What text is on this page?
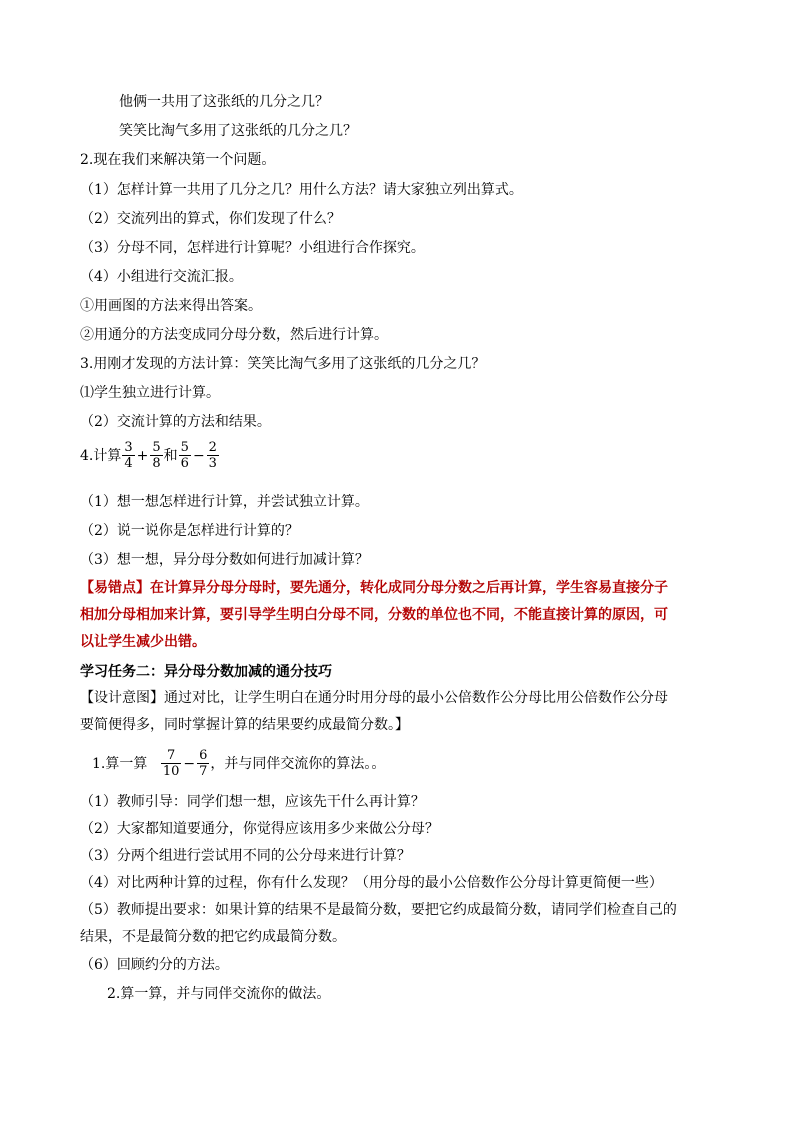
他俩一共用了这张纸的几分之几？
笑笑比淘气多用了这张纸的几分之几？
2.现在我们来解决第一个问题。
（1）怎样计算一共用了几分之几？用什么方法？请大家独立列出算式。
（2）交流列出的算式，你们发现了什么？
（3）分母不同，怎样进行计算呢？小组进行合作探究。
（4）小组进行交流汇报。
①用画图的方法来得出答案。
②用通分的方法变成同分母分数，然后进行计算。
3.用刚才发现的方法计算：笑笑比淘气多用了这张纸的几分之几？
⑴学生独立进行计算。
（2）交流计算的方法和结果。
4.计算 $\frac{3}{4} + \frac{5}{8}$ 和 $\frac{5}{6} - \frac{2}{3}$
（1）想一想怎样进行计算，并尝试独立计算。
（2）说一说你是怎样进行计算的？
（3）想一想，异分母分数如何进行加减计算？
【易错点】在计算异分母分母时，要先通分，转化成同分母分数之后再计算，学生容易直接分子相加分母相加来计算，要引导学生明白分母不同，分数的单位也不同，不能直接计算的原因，可以让学生减少出错。
学习任务二：异分母分数加减的通分技巧
【设计意图】通过对比，让学生明白在通分时用分母的最小公倍数作公分母比用公倍数作公分母要简便得多，同时掌握计算的结果要约成最简分数。】
1.算一算 $\frac{7}{10} - \frac{6}{7}$ ，并与同伴交流你的算法。。
（1）教师引导：同学们想一想，应该先干什么再计算？
（2）大家都知道要通分，你觉得应该用多少来做公分母？
（3）分两个组进行尝试用不同的公分母来进行计算？
（4）对比两种计算的过程，你有什么发现？（用分母的最小公倍数作公分母计算更简便一些）
（5）教师提出要求：如果计算的结果不是最简分数，要把它约成最简分数，请同学们检查自己的结果，不是最简分数的把它约成最简分数。
（6）回顾约分的方法。
2.算一算，并与同伴交流你的做法。
